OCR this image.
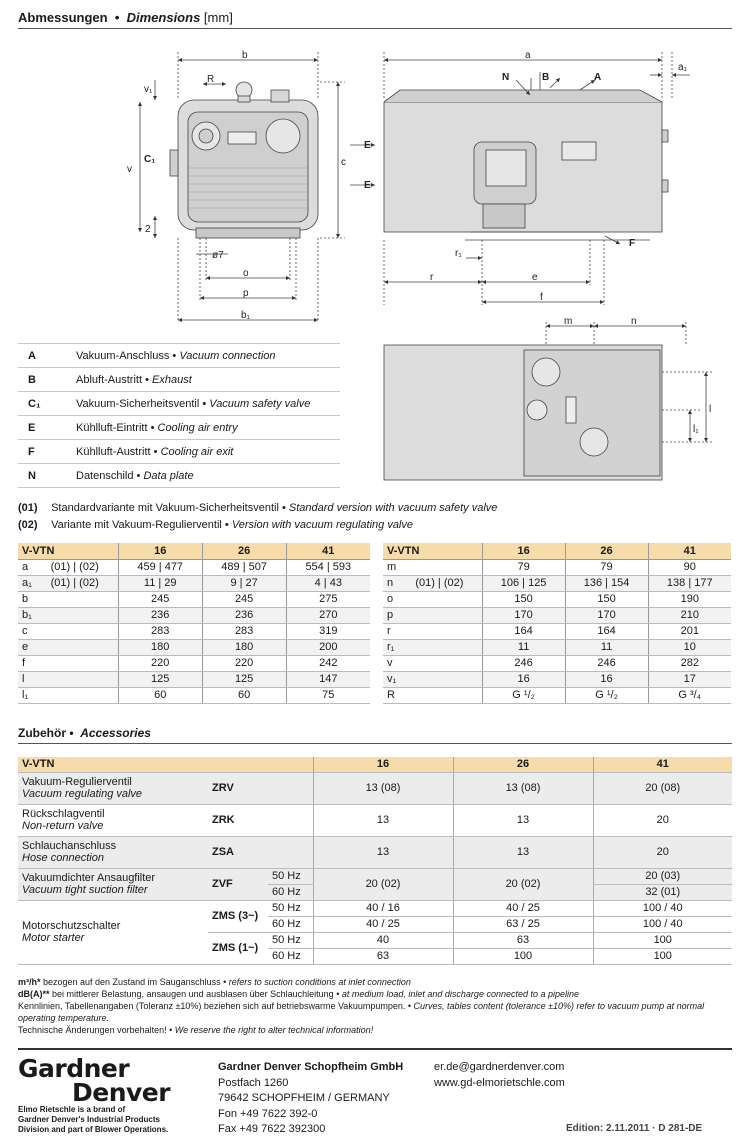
Abmessungen  •  Dimensions [mm]
b
R
v₁
C₁
v
2
c
ø7
o
p
b₁
a
a₁
N	B	A
E
E
F
r₁
r	e
f
m	n
l
l₁
A	Vakuum-Anschluss • Vacuum connection
B	Abluft-Austritt • Exhaust
C₁	Vakuum-Sicherheitsventil • Vacuum safety valve
E	Kühlluft-Eintritt • Cooling air entry
F	Kühlluft-Austritt • Cooling air exit
N	Datenschild • Data plate
(01) Standardvariante mit Vakuum-Sicherheitsventil • Standard version with vacuum safety valve
(02) Variante mit Vakuum-Regulierventil • Version with vacuum regulating valve
V-VTN		16	26	41
a	(01) | (02)	459 | 477	489 | 507	554 | 593
a₁	(01) | (02)	11 | 29	9 | 27	4 | 43
b		245	245	275
b₁		236	236	270
c		283	283	319
e		180	180	200
f		220	220	242
l		125	125	147
l₁		60	60	75
V-VTN		16	26	41
m		79	79	90
n	(01) | (02)	106 | 125	136 | 154	138 | 177
o		150	150	190
p		170	170	210
r		164	164	201
r₁		11	11	10
v		246	246	282
v₁		16	16	17
R		G ¹/₂	G ¹/₂	G ³/₄
Zubehör •  Accessories
V-VTN			16	26	41

Vakuum-Regulierventil
Vacuum regulating valve	ZRV		13 (08)	13 (08)	20 (08)

Rückschlagventil
Non-return valve	ZRK		13	13	20

Schlauchanschluss
Hose connection	ZSA		13	13	20

Vakuumdichter Ansaugfilter
Vacuum tight suction filter	ZVF	50 Hz	20 (02)	20 (02)	20 (03)
		60 Hz			32 (01)

Motorschutzschalter
Motor starter	ZMS (3~)	50 Hz	40 / 16	40 / 25	100 / 40
		60 Hz	40 / 25	63 / 25	100 / 40
	ZMS (1~)	50 Hz	40	63	100
		60 Hz	63	100	100
m³/h* bezogen auf den Zustand im Sauganschluss • refers to suction conditions at inlet connection
dB(A)** bei mittlerer Belastung, ansaugen und ausblasen über Schlauchleitung • at medium load, inlet and discharge connected to a pipeline
Kennlinien, Tabellenangaben (Toleranz ±10%) beziehen sich auf betriebswarme Vakuumpumpen. • Curves, tables content (tolerance ±10%) refer to vacuum pump at normal operating temperature.
Technische Änderungen vorbehalten! • We reserve the right to alter technical information!
Gardner
Denver
Elmo Rietschle is a brand of
Gardner Denver's Industrial Products
Division and part of Blower Operations.
Gardner Denver Schopfheim GmbH
Postfach 1260
79642 SCHOPFHEIM / GERMANY
Fon +49 7622 392-0
Fax +49 7622 392300
er.de@gardnerdenver.com
www.gd-elmorietschle.com
Edition: 2.11.2011 · D 281-DE
